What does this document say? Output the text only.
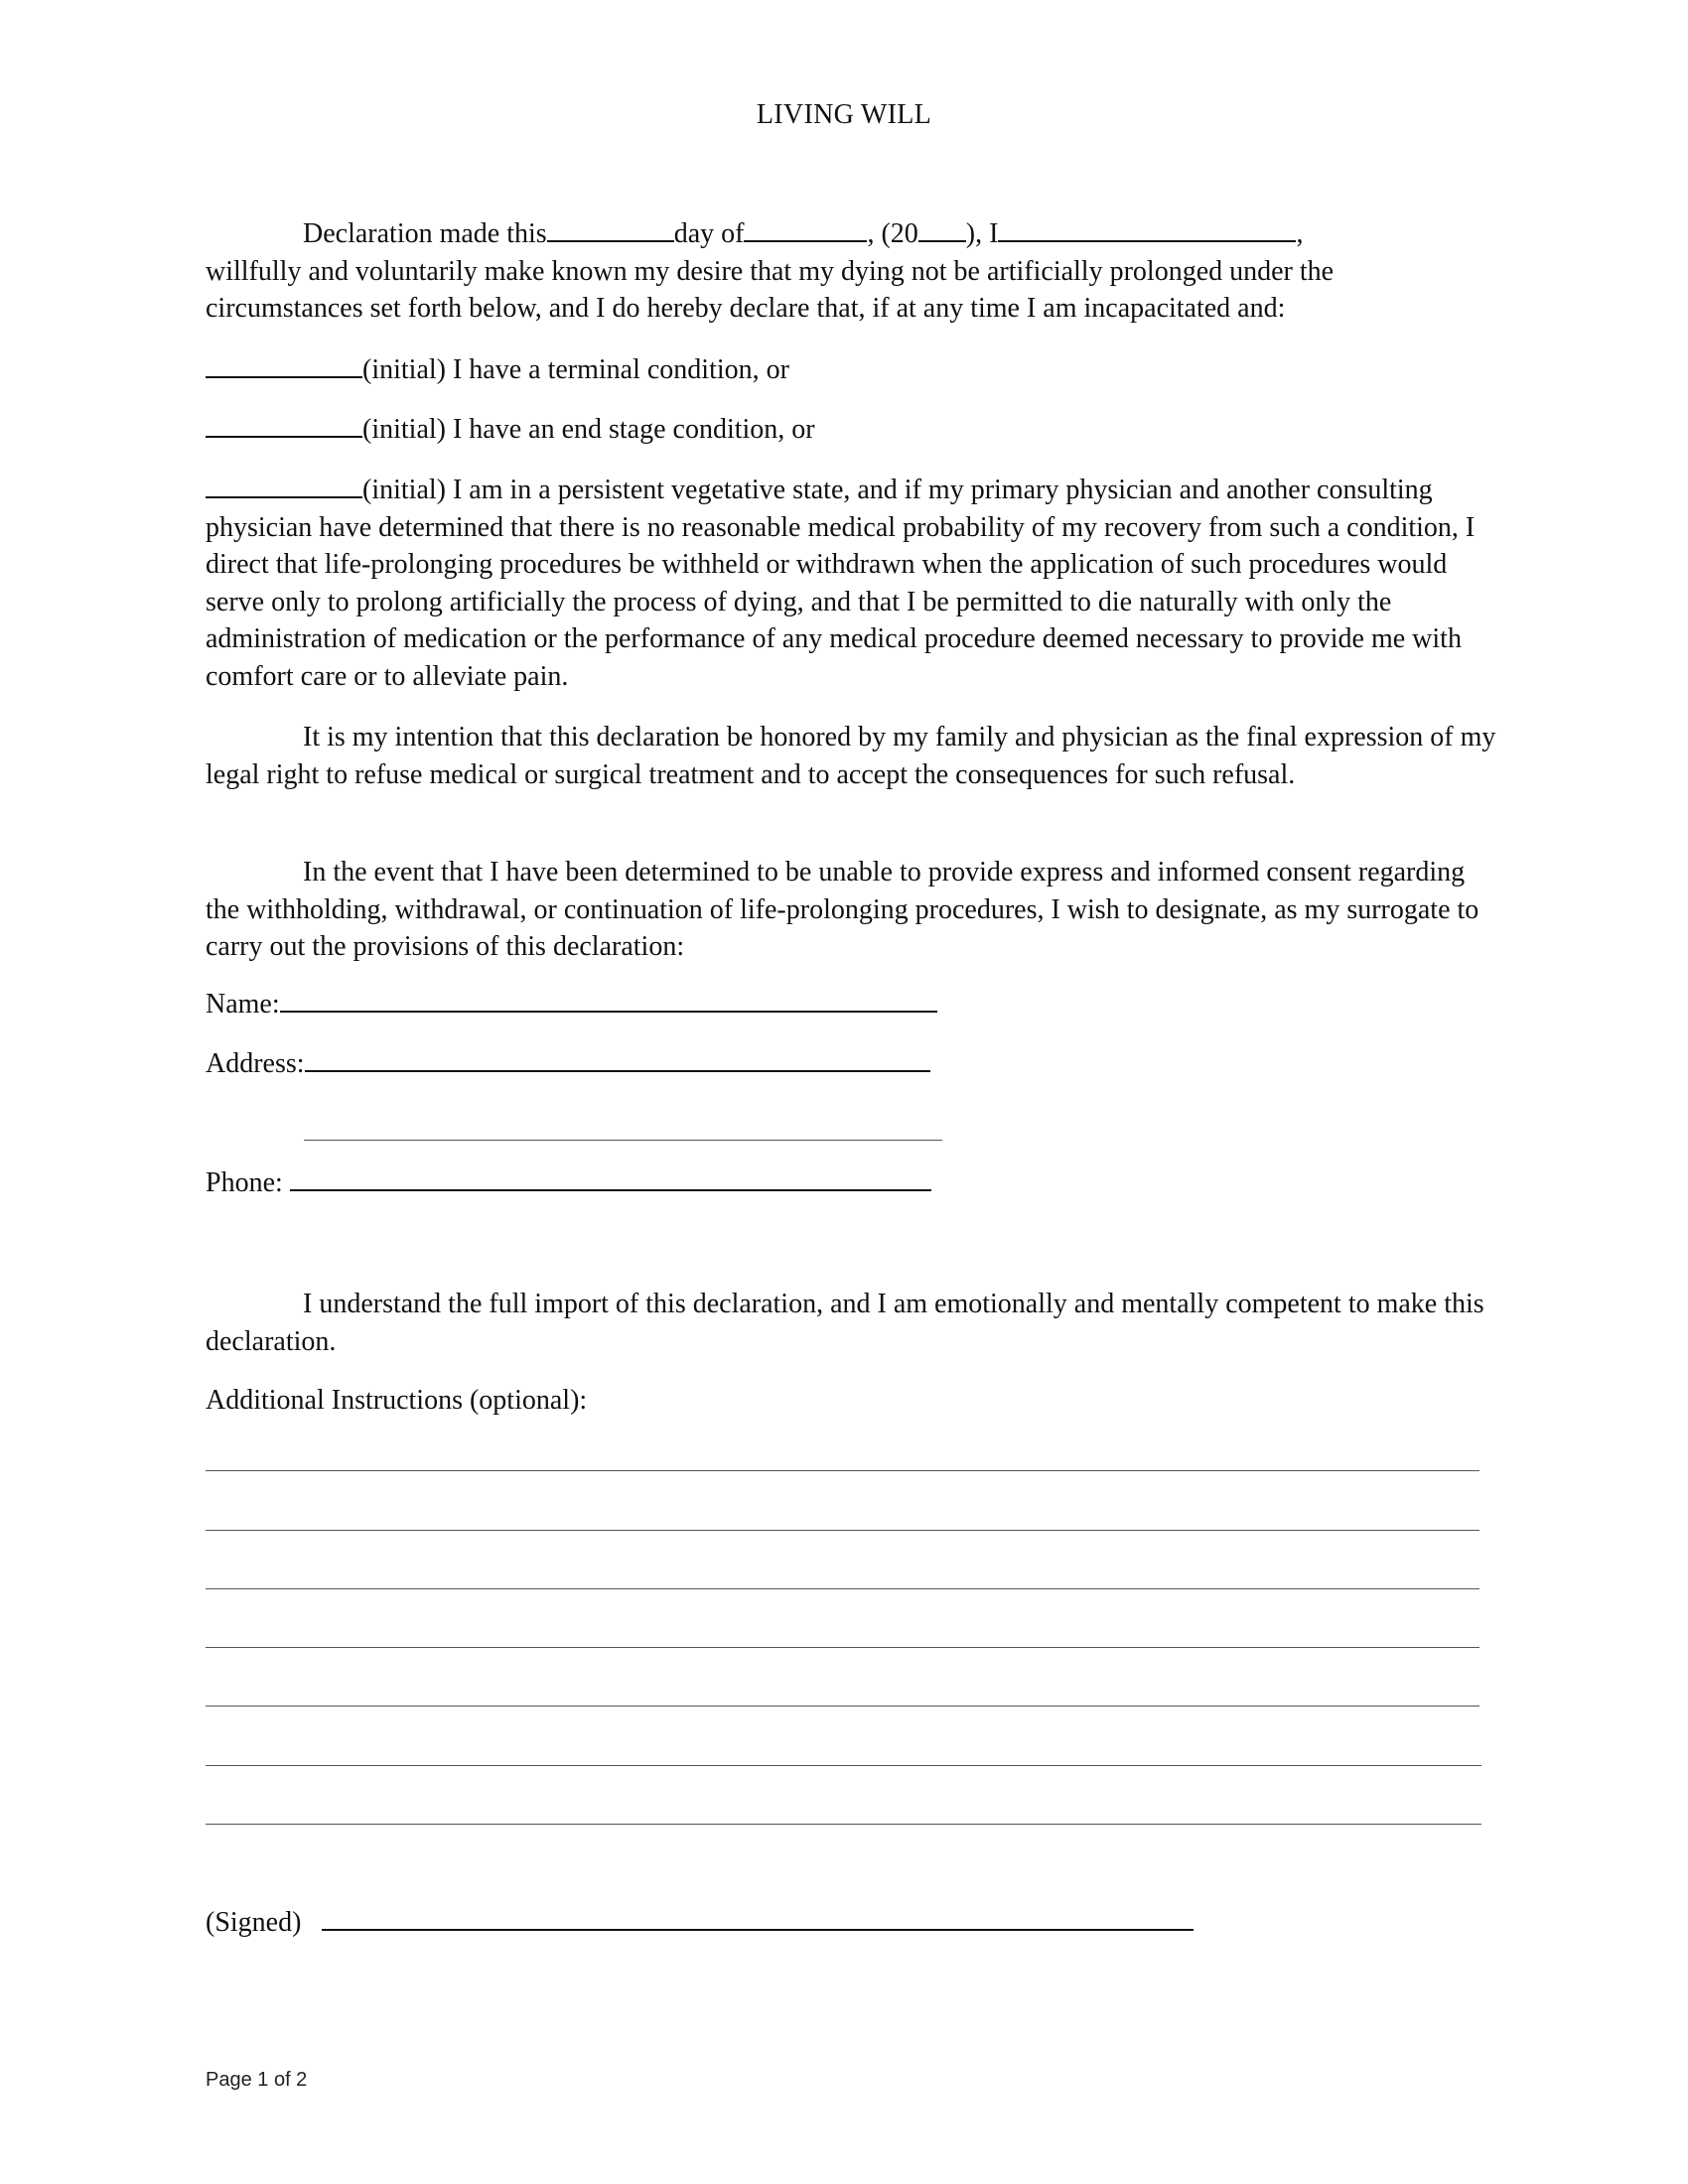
LIVING WILL
Declaration made this	day of	, (20 ), I	,
willfully and voluntarily make known my desire that my dying not be artificially prolonged under the circumstances set forth below, and I do hereby declare that, if at any time I am incapacitated and:
(initial) I have a terminal condition, or
(initial) I have an end stage condition, or
(initial) I am in a persistent vegetative state, and if my primary physician and another consulting physician have determined that there is no reasonable medical probability of my recovery from such a condition, I direct that life-prolonging procedures be withheld or withdrawn when the application of such procedures would serve only to prolong artificially the process of dying, and that I be permitted to die naturally with only the administration of medication or the performance of any medical procedure deemed necessary to provide me with comfort care or to alleviate pain.
It is my intention that this declaration be honored by my family and physician as the final expression of my legal right to refuse medical or surgical treatment and to accept the consequences for such refusal.
In the event that I have been determined to be unable to provide express and informed consent regarding the withholding, withdrawal, or continuation of life-prolonging procedures, I wish to designate, as my surrogate to carry out the provisions of this declaration:
Name:
Address:
Phone:
I understand the full import of this declaration, and I am emotionally and mentally competent to make this declaration.
Additional Instructions (optional):
(Signed)
Page 1 of 2
